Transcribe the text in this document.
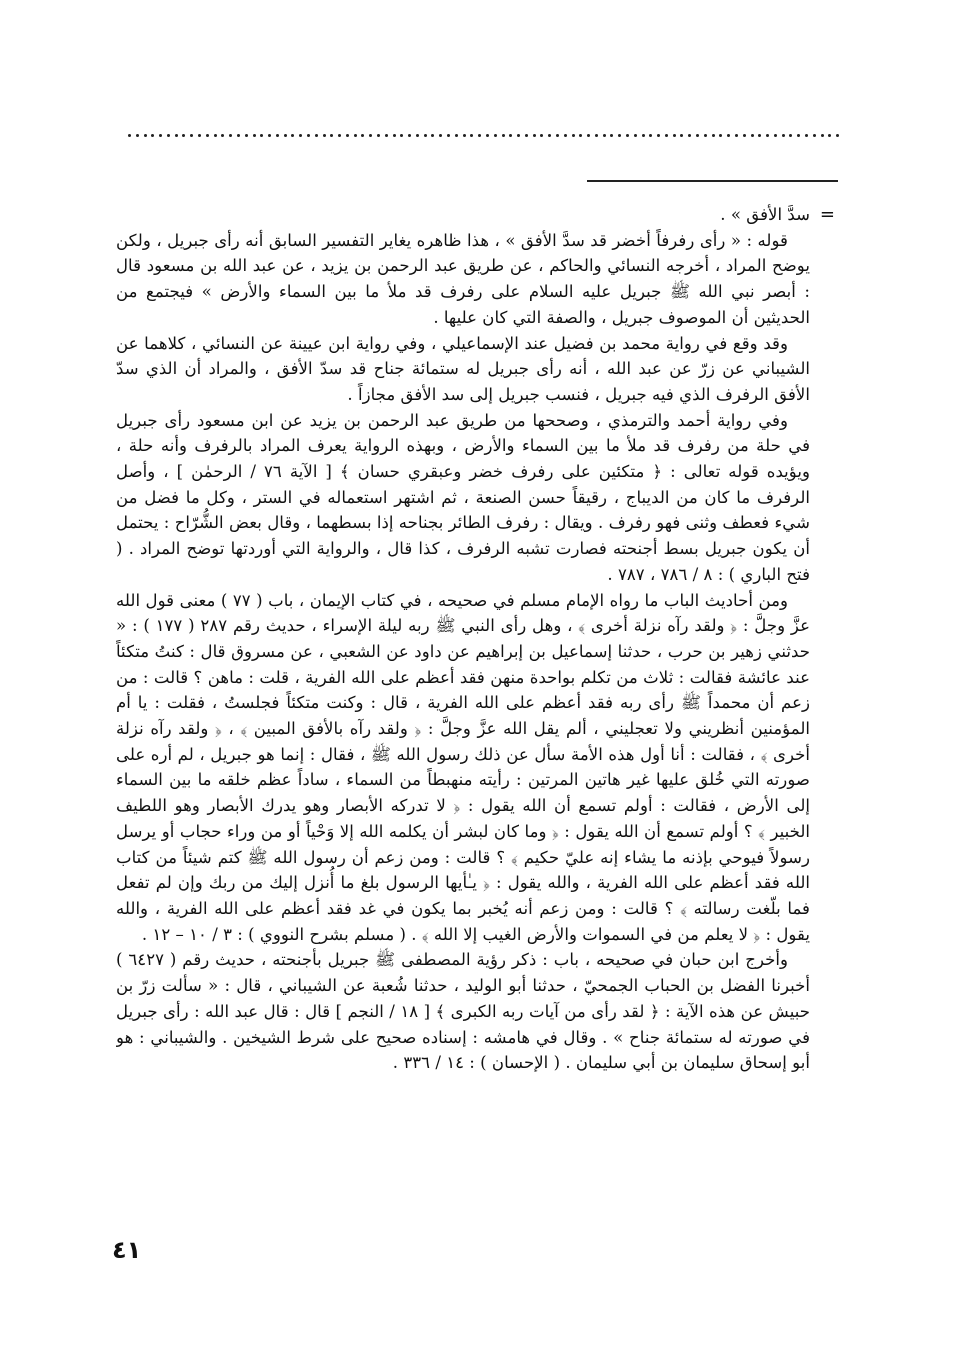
=

سدَّ الأفق » .

قوله : « رأى رفرفاً أخضر قد سدَّ الأفق » ، هذا ظاهره يغاير التفسير السابق أنه رأى جبريل ، ولكن يوضح المراد ، أخرجه النسائي والحاكم ، عن طريق عبد الرحمن بن يزيد ، عن عبد الله بن مسعود قال : أبصر نبي الله ﷺ جبريل عليه السلام على رفرف قد ملأ ما بين السماء والأرض » فيجتمع من الحديثين أن الموصوف جبريل ، والصفة التي كان عليها .

وقد وقع في رواية محمد بن فضيل عند الإسماعيلي ، وفي رواية ابن عيينة عن النسائي ، كلاهما عن الشيباني عن زرّ عن عبد الله ، أنه رأى جبريل له ستمائة جناح قد سدّ الأفق ، والمراد أن الذي سدّ الأفق الرفرف الذي فيه جبريل ، فنسب جبريل إلى سد الأفق مجازاً .

وفي رواية أحمد والترمذي ، وصححها من طريق عبد الرحمن بن يزيد عن ابن مسعود رأى جبريل في حلة من رفرف قد ملأ ما بين السماء والأرض ، وبهذه الرواية يعرف المراد بالرفرف وأنه حلة ، ويؤيده قوله تعالى : ﴿ متكئين على رفرف خضر وعبقري حسان ﴾ [ الآية ٧٦ / الرحمٰن ] ، وأصل الرفرف ما كان من الديباج ، رقيقاً حسن الصنعة ، ثم اشتهر استعماله في الستر ، وكل ما فضل من شيء فعطف وثنى فهو رفرف . ويقال : رفرف الطائر بجناحه إذا بسطهما ، وقال بعض الشُّرّاح : يحتمل أن يكون جبريل بسط أجنحته فصارت تشبه الرفرف ، كذا قال ، والرواية التي أوردتها توضح المراد . ( فتح الباري ) : ٨ / ٧٨٦ ، ٧٨٧ .

ومن أحاديث الباب ما رواه الإمام مسلم في صحيحه ، في كتاب الإيمان ، باب ( ٧٧ ) معنى قول الله عزَّ وجلَّ : ﴿ ولقد رآه نزلة أخرى ﴾ ، وهل رأى النبي ﷺ ربه ليلة الإسراء ، حديث رقم ٢٨٧ ( ١٧٧ ) : « حدثني زهير بن حرب ، حدثنا إسماعيل بن إبراهيم عن داود عن الشعبي ، عن مسروق قال : كنتُ متكئاً عند عائشة فقالت : ثلاث من تكلم بواحدة منهن فقد أعظم على الله الفرية ، قلت : ماهن ؟ قالت : من زعم أن محمداً ﷺ رأى ربه فقد أعظم على الله الفرية ، قال : وكنت متكئاً فجلستُ ، فقلت : يا أم المؤمنين أنظريني ولا تعجليني ، ألم يقل الله عزَّ وجلَّ : ﴿ ولقد رآه بالأفق المبين ﴾ ، ﴿ ولقد رآه نزلة أخرى ﴾ ، فقالت : أنا أول هذه الأمة سأل عن ذلك رسول الله ﷺ ، فقال : إنما هو جبريل ، لم أره على صورته التي خُلق عليها غير هاتين المرتين : رأيته منهبطاً من السماء ، ساداً عظم خلقه ما بين السماء إلى الأرض ، فقالت : أولم تسمع أن الله يقول : ﴿ لا تدركه الأبصار وهو يدرك الأبصار وهو اللطيف الخبير ﴾ ؟ أولم تسمع أن الله يقول : ﴿ وما كان لبشر أن يكلمه الله إلا وَحْياً أو من وراء حجاب أو يرسل رسولاً فيوحي بإذنه ما يشاء إنه عليّ حكيم ﴾ ؟ قالت : ومن زعم أن رسول الله ﷺ كتم شيئاً من كتاب الله فقد أعظم على الله الفرية ، والله يقول : ﴿ يـٰأيها الرسول بلغ ما أُنزل إليك من ربك وإن لم تفعل فما بلّغت رسالته ﴾ ؟ قالت : ومن زعم أنه يُخبر بما يكون في غد فقد أعظم على الله الفرية ، والله يقول : ﴿ لا يعلم من في السموات والأرض الغيب إلا الله ﴾ . ( مسلم بشرح النووي ) : ٣ / ١٠ – ١٢ .

وأخرج ابن حبان في صحيحه ، باب : ذكر رؤية المصطفى ﷺ جبريل بأجنحته ، حديث رقم ( ٦٤٢٧ ) أخبرنا الفضل بن الحباب الجمحيّ ، حدثنا أبو الوليد ، حدثنا شُعبة عن الشيباني ، قال : « سألت زرّ بن حبيش عن هذه الآية : ﴿ لقد رأى من آيات ربه الكبرى ﴾ [ ١٨ / النجم ] قال : قال عبد الله : رأى جبريل في صورته له ستمائة جناح » . وقال في هامشه : إسناده صحيح على شرط الشيخين . والشيباني : هو أبو إسحاق سليمان بن أبي سليمان . ( الإحسان ) : ١٤ / ٣٣٦ .

٤١
